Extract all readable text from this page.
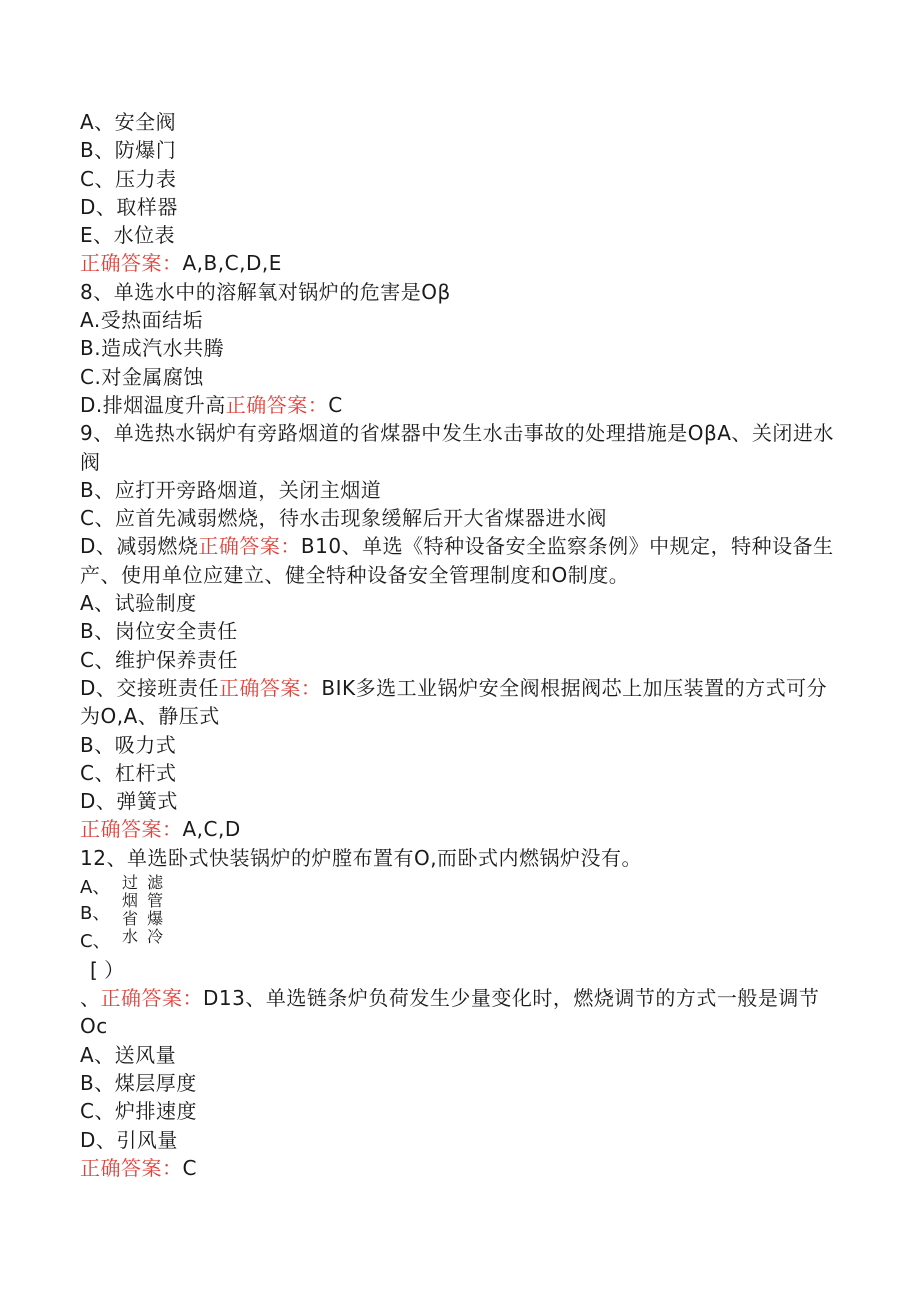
A、安全阀
B、防爆门
C、压力表
D、取样器
E、水位表
正确答案：A,B,C,D,E
8、单选水中的溶解氧对锅炉的危害是Oβ
A.受热面结垢
B.造成汽水共腾
C.对金属腐蚀
D.排烟温度升高正确答案：C
9、单选热水锅炉有旁路烟道的省煤器中发生水击事故的处理措施是OβA、关闭进水阀
B、应打开旁路烟道，关闭主烟道
C、应首先减弱燃烧，待水击现象缓解后开大省煤器进水阀
D、减弱燃烧正确答案：B10、单选《特种设备安全监察条例》中规定，特种设备生产、使用单位应建立、健全特种设备安全管理制度和O制度。
A、试验制度
B、岗位安全责任
C、维护保养责任
D、交接班责任正确答案：BIK多选工业锅炉安全阀根据阀芯上加压装置的方式可分为O,A、静压式
B、吸力式
C、杠杆式
D、弹簧式
正确答案：A,C,D
12、单选卧式快装锅炉的炉膛布置有O,而卧式内燃锅炉没有。
A、
B、
C、
过 滤
烟 管
省 爆
水 冷
[ ）
、正确答案：D13、单选链条炉负荷发生少量变化时，燃烧调节的方式一般是调节Oc
A、送风量
B、煤层厚度
C、炉排速度
D、引风量
正确答案：C
